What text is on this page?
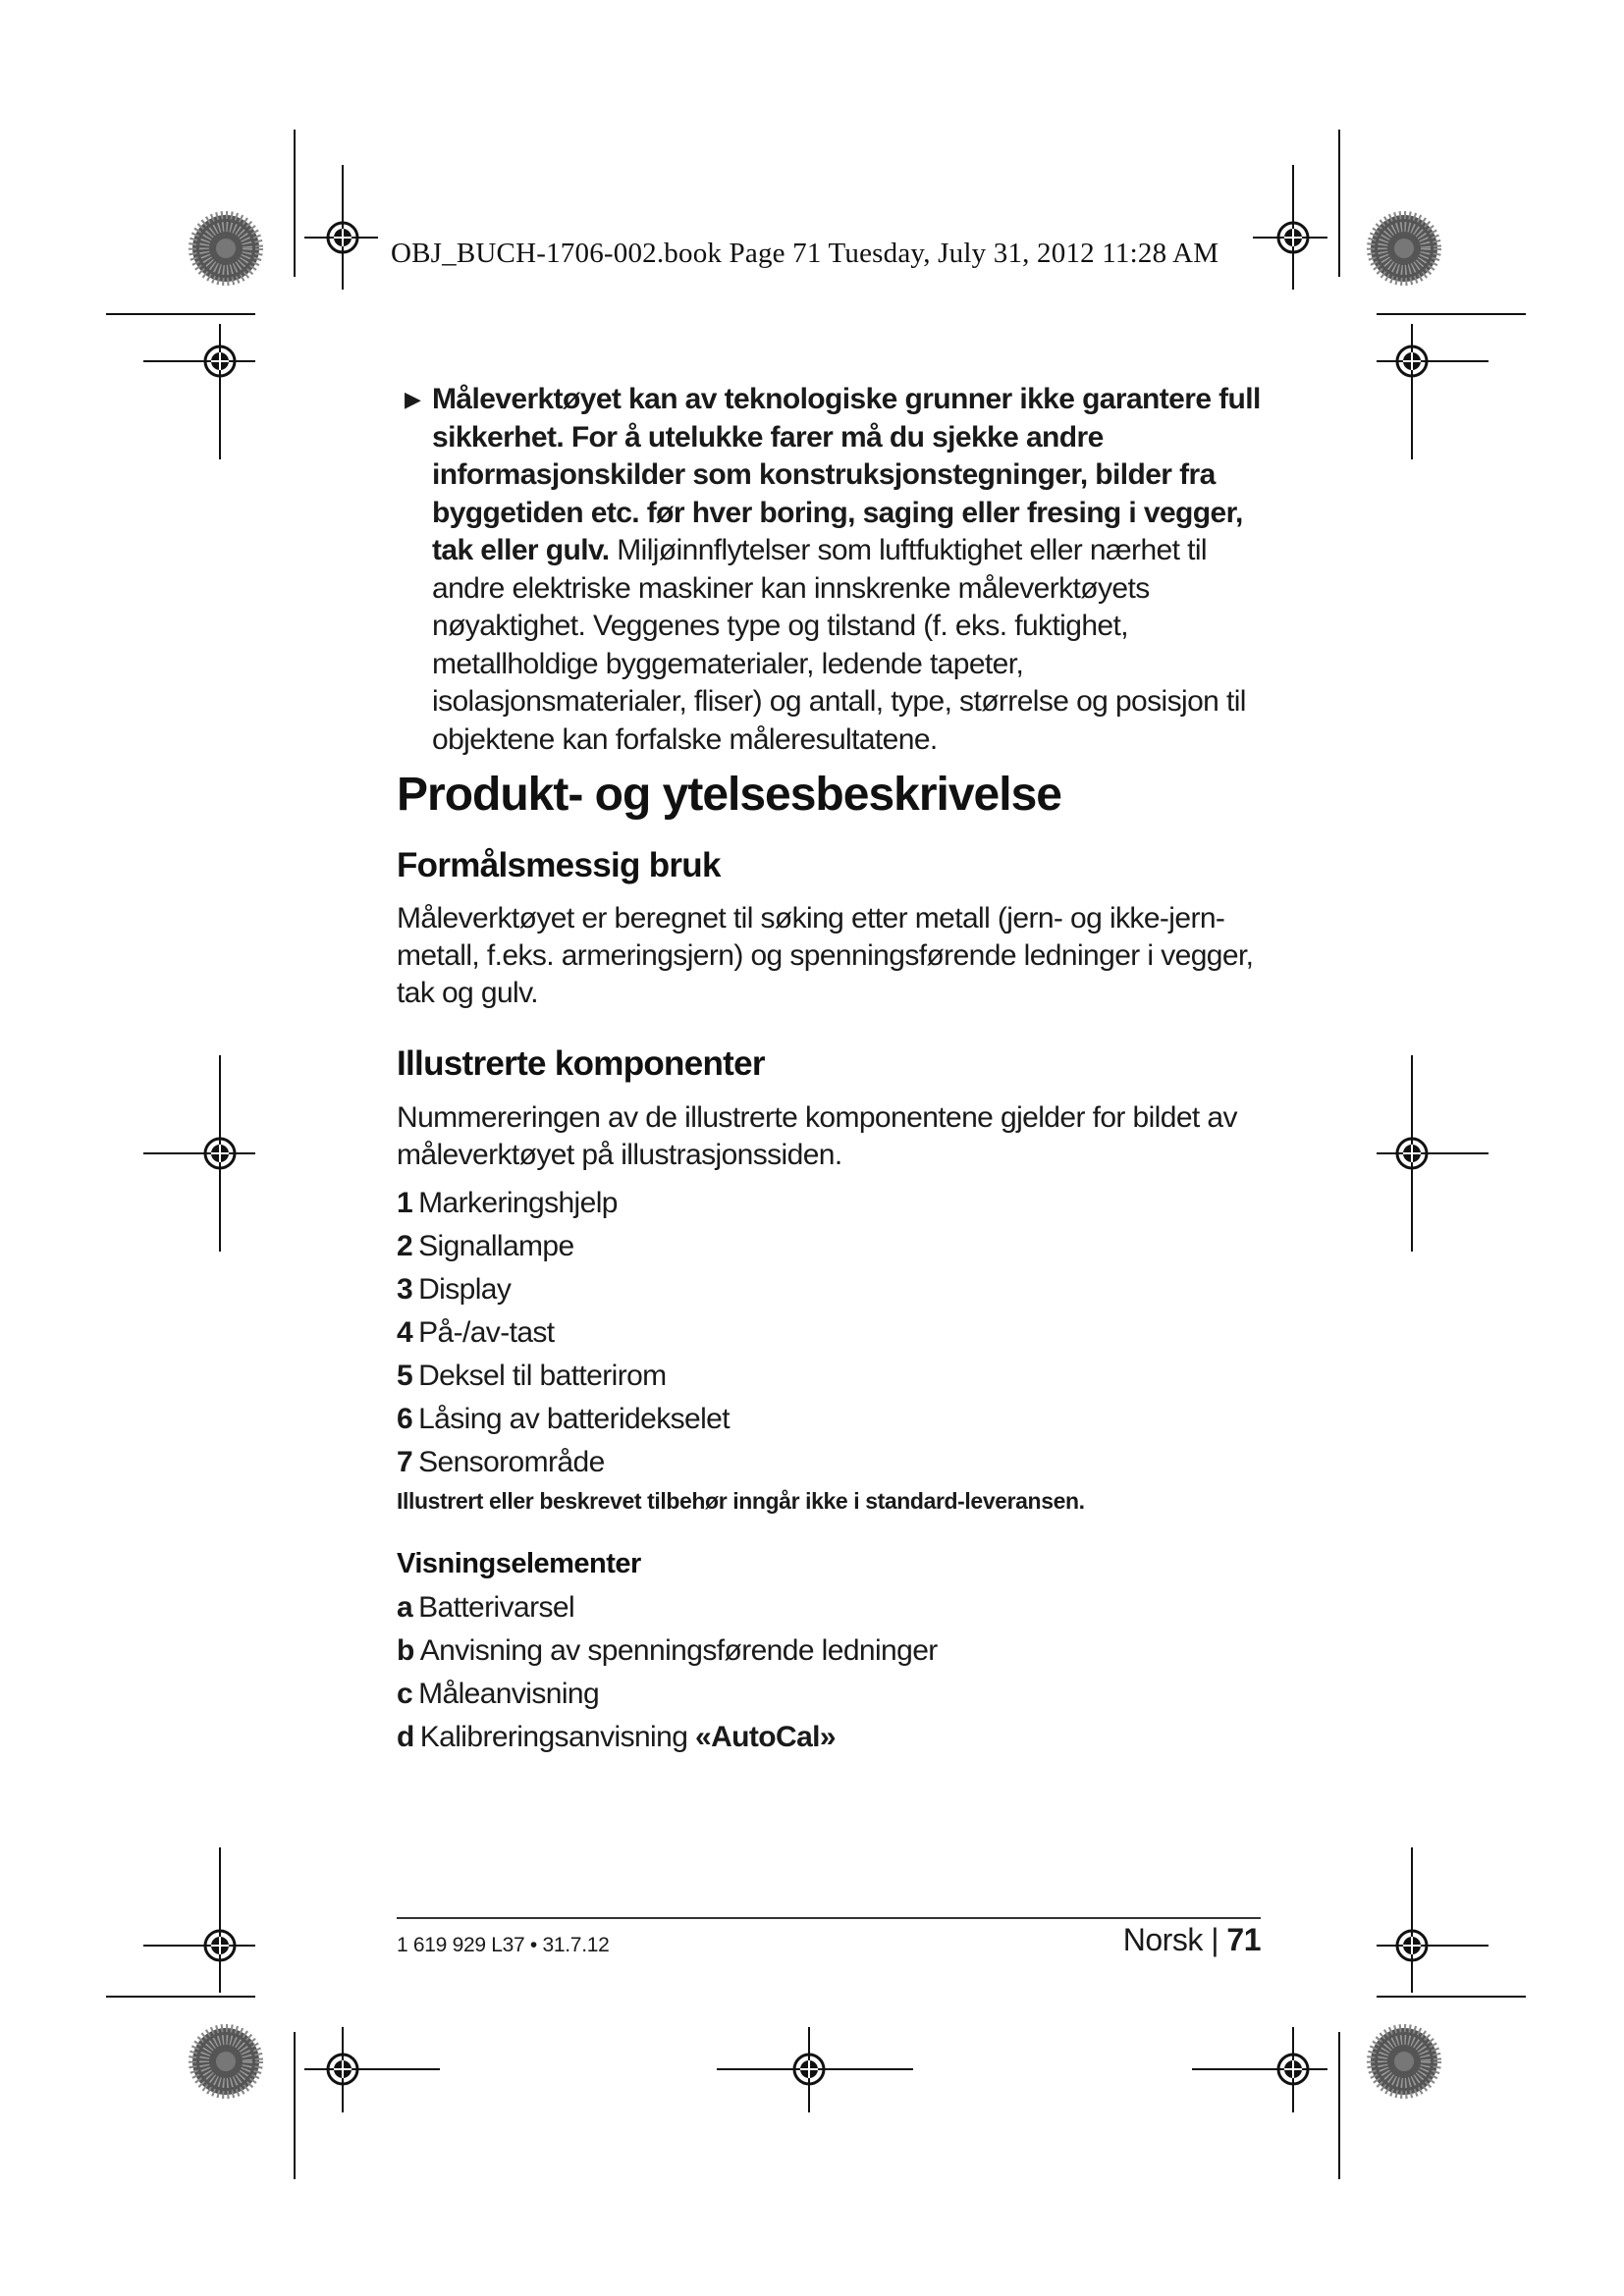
OBJ_BUCH-1706-002.book Page 71 Tuesday, July 31, 2012 11:28 AM
▶ Måleverktøyet kan av teknologiske grunner ikke garantere full sikkerhet. For å utelukke farer må du sjekke andre informasjonskilder som konstruksjonstegninger, bilder fra byggetiden etc. før hver boring, saging eller fresing i vegger, tak eller gulv. Miljøinnflytelser som luftfuktighet eller nærhet til andre elektriske maskiner kan innskrenke måleverktøyets nøyaktighet. Veggenes type og tilstand (f. eks. fuktighet, metallholdige byggematerialer, ledende tapeter, isolasjonsmaterialer, fliser) og antall, type, størrelse og posisjon til objektene kan forfalske måleresultatene.
Produkt- og ytelsesbeskrivelse
Formålsmessig bruk

Måleverktøyet er beregnet til søking etter metall (jern- og ikke-jern-metall, f.eks. armeringsjern) og spenningsførende ledninger i vegger, tak og gulv.

Illustrerte komponenter

Nummereringen av de illustrerte komponentene gjelder for bildet av måleverktøyet på illustrasjonssiden.

1 Markeringshjelp
2 Signallampe
3 Display
4 På-/av-tast
5 Deksel til batterirom
6 Låsing av batteridekselet
7 Sensorområde

Illustrert eller beskrevet tilbehør inngår ikke i standard-leveransen.

Visningselementer
a Batterivarsel
b Anvisning av spenningsførende ledninger
c Måleanvisning
d Kalibreringsanvisning «AutoCal»
1 619 929 L37 • 31.7.12	Norsk | 71
